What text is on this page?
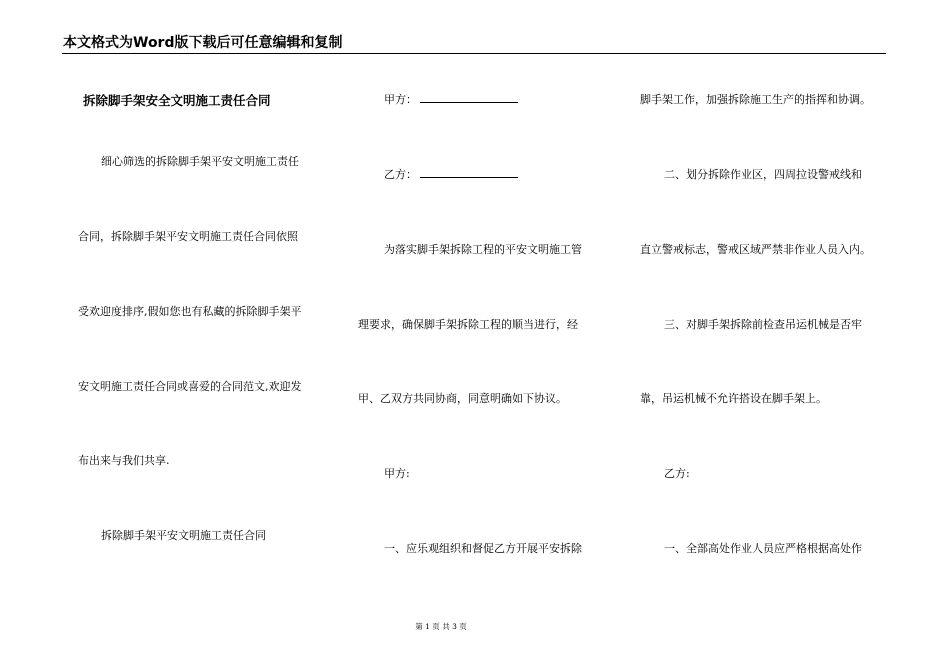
本文格式为Word版下载后可任意编辑和复制
拆除脚手架安全文明施工责任合同
细心筛选的拆除脚手架平安文明施工责任
合同，拆除脚手架平安文明施工责任合同依照
受欢迎度排序,假如您也有私藏的拆除脚手架平
安文明施工责任合同或喜爱的合同范文,欢迎发
布出来与我们共享.
拆除脚手架平安文明施工责任合同
甲方：
乙方：
为落实脚手架拆除工程的平安文明施工管
理要求，确保脚手架拆除工程的顺当进行，经
甲、乙双方共同协商，同意明确如下协议。
甲方:
一、应乐观组织和督促乙方开展平安拆除
脚手架工作，加强拆除施工生产的指挥和协调。
二、划分拆除作业区，四周拉设警戒线和
直立警戒标志，警戒区域严禁非作业人员入内。
三、对脚手架拆除前检查吊运机械是否牢
靠，吊运机械不允许搭设在脚手架上。
乙方:
一、全部高处作业人员应严格根据高处作
第 1 页 共 3 页
